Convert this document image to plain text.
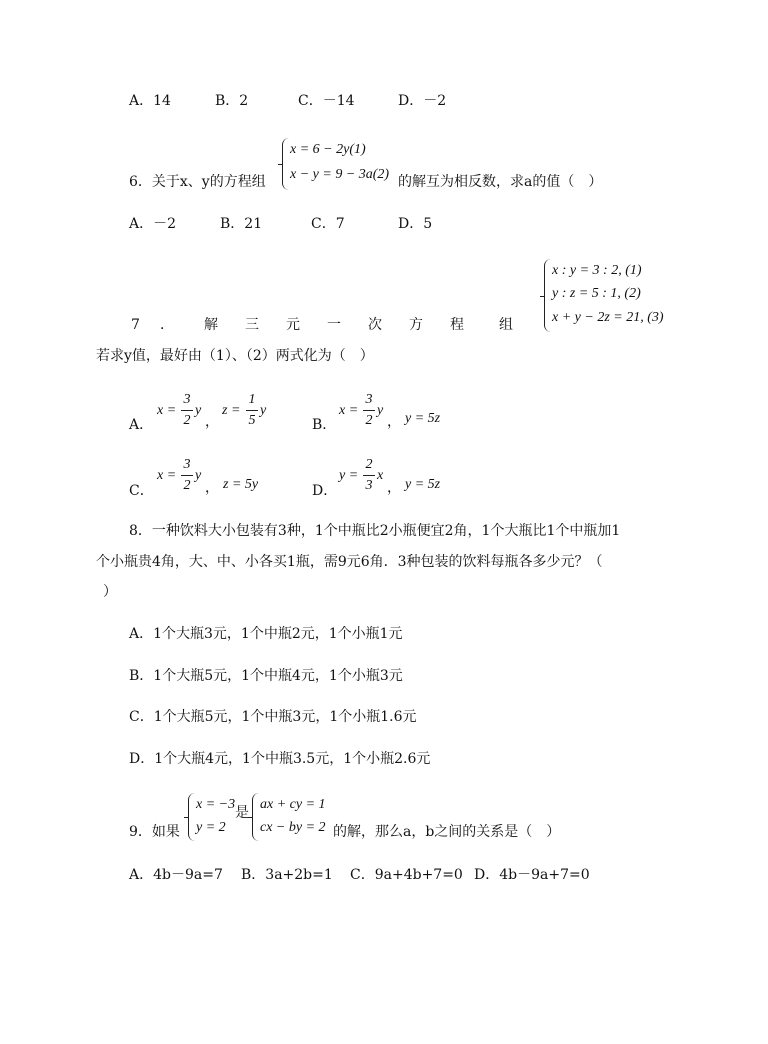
A．14	B．2	C．－14	D．－2
6．关于x、y的方程组
x = 6 − 2y(1)
x − y = 9 − 3a(2) 的解互为相反数，求a的值（　）
A．－2	B．21	C．7	D．5
7 ． 解 三 元 一 次 方 程	组
x : y = 3 : 2, (1)
y : z = 5 : 1, (2)
x + y − 2z = 21, (3)
若求y值，最好由（1）、（2）两式化为（　）
A．
x =
3
2
y
，
z =
1
5
y
B．
x =
3
2
y
， y = 5z
C．
x =
3
2
y
， z = 5y	D．
y =
2
3
x
， y = 5z
8．一种饮料大小包装有3种，1个中瓶比2小瓶便宜2角，1个大瓶比1个中瓶加1
个小瓶贵4角，大、中、小各买1瓶，需9元6角．3种包装的饮料每瓶各多少元？（
）
A．1个大瓶3元，1个中瓶2元，1个小瓶1元
B．1个大瓶5元，1个中瓶4元，1个小瓶3元
C．1个大瓶5元，1个中瓶3元，1个小瓶1.6元
D．1个大瓶4元，1个中瓶3.5元，1个小瓶2.6元
9．如果
x = −3
y = 2
是
ax + cy = 1
cx − by = 2 的解，那么a，b之间的关系是（　）
A．4b－9a=7 B．3a+2b=1 C．9a+4b+7=0 D．4b－9a+7=0
